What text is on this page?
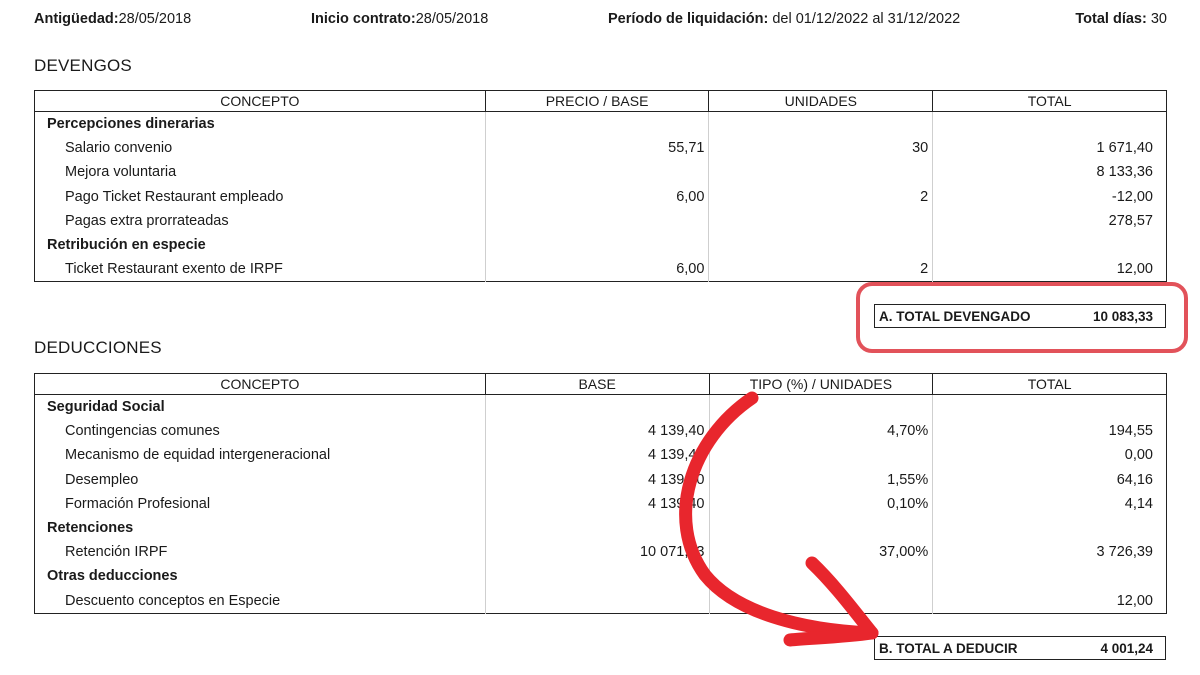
Antigüedad:28/05/2018	Inicio contrato:28/05/2018	Período de liquidación: del 01/12/2022 al 31/12/2022	Total días: 30
DEVENGOS
CONCEPTO	PRECIO / BASE	UNIDADES	TOTAL
Percepciones dinerarias			
Salario convenio	55,71	30	1 671,40
Mejora voluntaria			8 133,36
Pago Ticket Restaurant empleado	6,00	2	-12,00
Pagas extra prorrateadas			278,57
Retribución en especie			
Ticket Restaurant exento de IRPF	6,00	2	12,00
A. TOTAL DEVENGADO	10 083,33
DEDUCCIONES
CONCEPTO	BASE	TIPO (%) / UNIDADES	TOTAL
Seguridad Social			
Contingencias comunes	4 139,40	4,70%	194,55
Mecanismo de equidad intergeneracional	4 139,40		0,00
Desempleo	4 139,40	1,55%	64,16
Formación Profesional	4 139,40	0,10%	4,14
Retenciones			
Retención IRPF	10 071,33	37,00%	3 726,39
Otras deducciones			
Descuento conceptos en Especie			12,00
B. TOTAL A DEDUCIR	4 001,24
